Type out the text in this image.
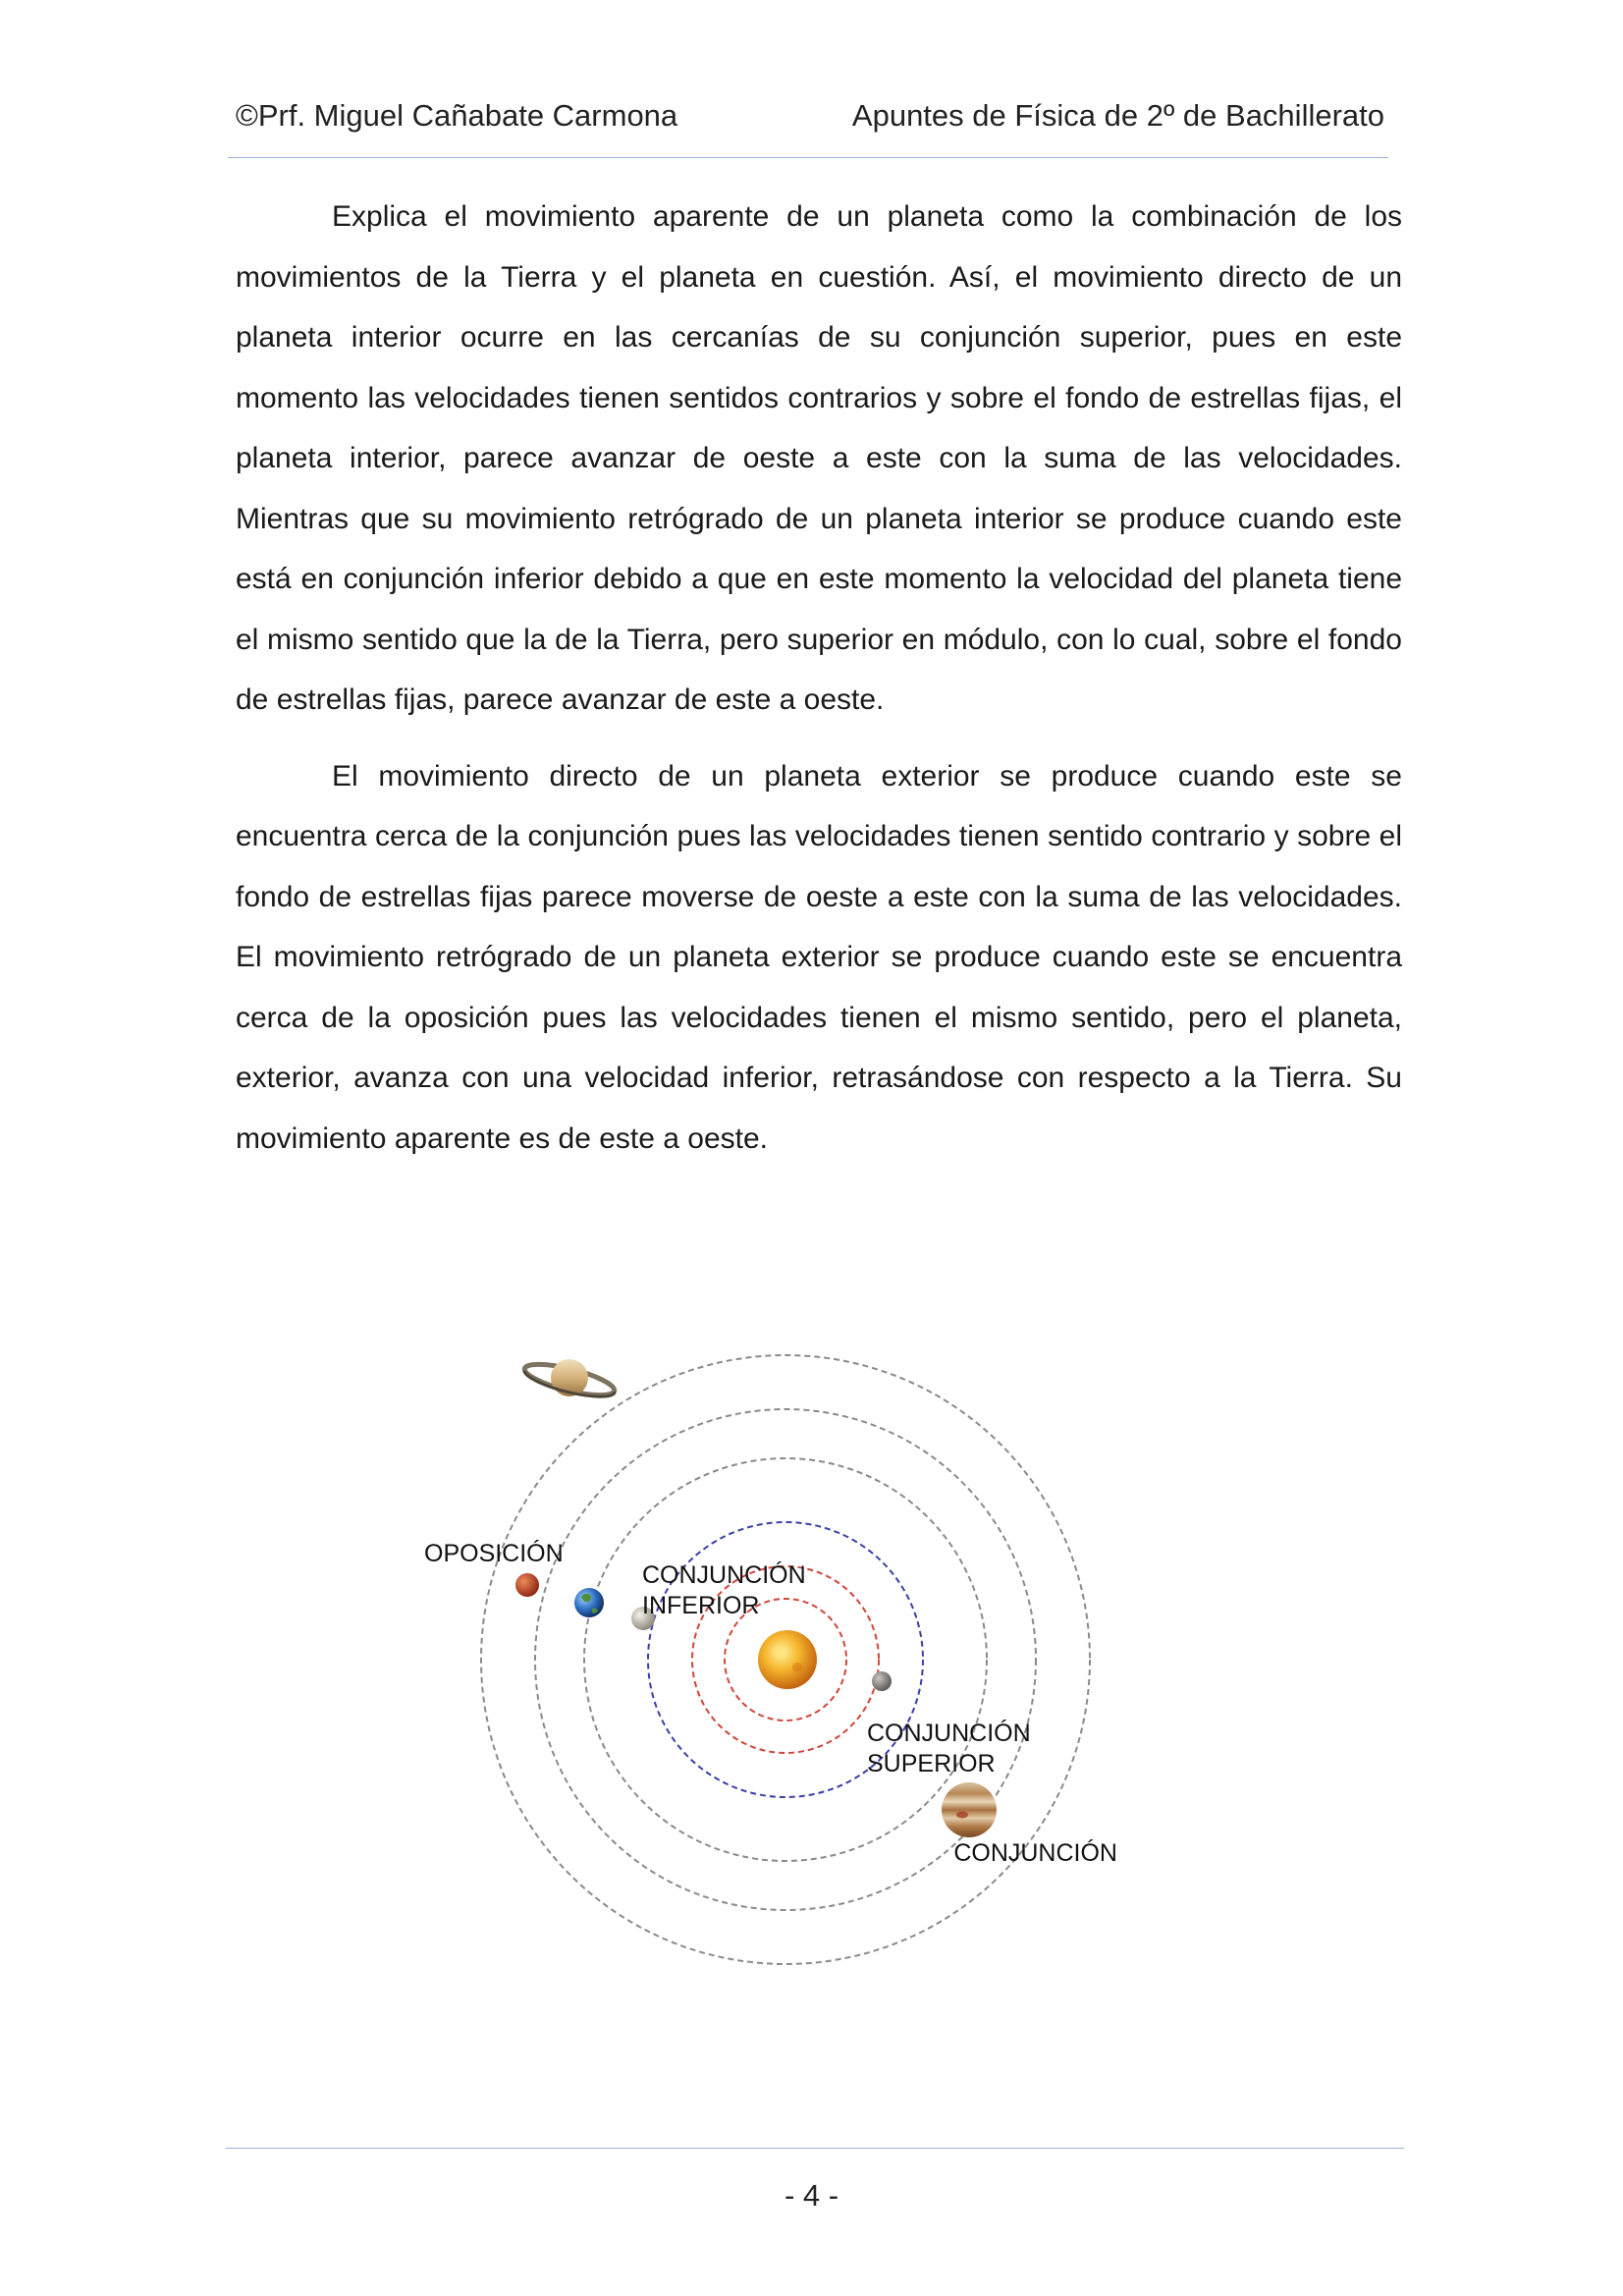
©Prf. Miguel Cañabate Carmona	Apuntes de Física de 2º de Bachillerato

Explica el movimiento aparente de un planeta como la combinación de los movimientos de la Tierra y el planeta en cuestión. Así, el movimiento directo de un planeta interior ocurre en las cercanías de su conjunción superior, pues en este momento las velocidades tienen sentidos contrarios y sobre el fondo de estrellas fijas, el planeta interior, parece avanzar de oeste a este con la suma de las velocidades. Mientras que su movimiento retrógrado de un planeta interior se produce cuando este está en conjunción inferior debido a que en este momento la velocidad del planeta tiene el mismo sentido que la de la Tierra, pero superior en módulo, con lo cual, sobre el fondo de estrellas fijas, parece avanzar de este a oeste.

El movimiento directo de un planeta exterior se produce cuando este se encuentra cerca de la conjunción pues las velocidades tienen sentido contrario y sobre el fondo de estrellas fijas parece moverse de oeste a este con la suma de las velocidades. El movimiento retrógrado de un planeta exterior se produce cuando este se encuentra cerca de la oposición pues las velocidades tienen el mismo sentido, pero el planeta, exterior, avanza con una velocidad inferior, retrasándose con respecto a la Tierra. Su movimiento aparente es de este a oeste.

OPOSICIÓN
CONJUNCIÓN
INFERIOR
CONJUNCIÓN
SUPERIOR
CONJUNCIÓN
- 4 -
